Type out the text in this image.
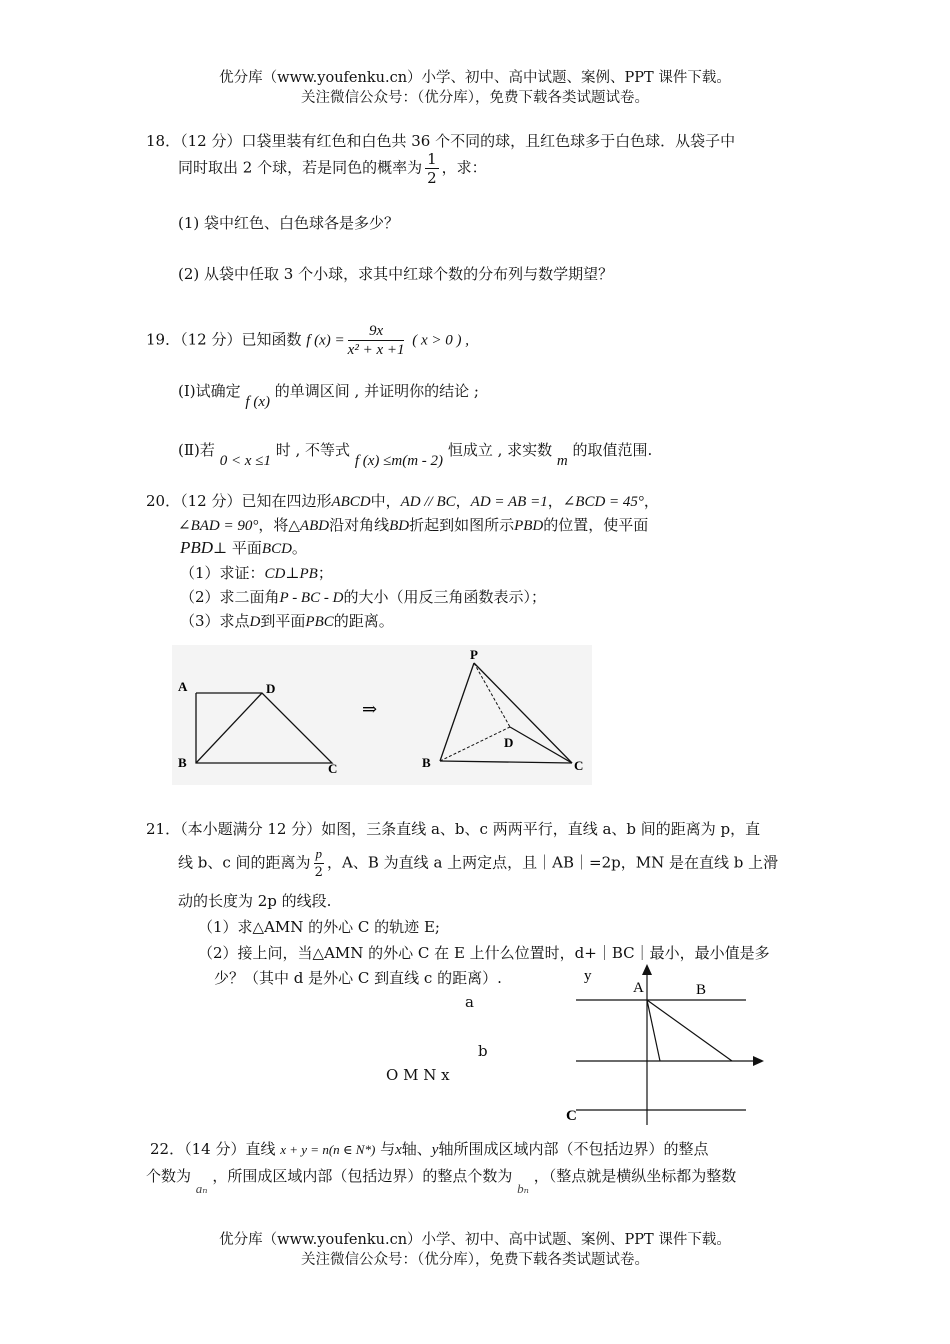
优分库（www.youfenku.cn）小学、初中、高中试题、案例、PPT 课件下载。
关注微信公众号：（优分库），免费下载各类试题试卷。
18．（12 分）口袋里装有红色和白色共 36 个不同的球，且红色球多于白色球．从袋子中
同时取出 2 个球，若是同色的概率为 $\frac{1}{2}$ ，求：
(1) 袋中红色、白色球各是多少？
(2) 从袋中任取 3 个小球，求其中红球个数的分布列与数学期望？
19．（12 分）已知函数 f $(x) = \frac{9x}{\text{x² + x +1}}$ ( x > 0 ) ,
(I)试确定 f (x) 的单调区间 , 并证明你的结论 ;
(Ⅱ)若 0 < x ≤1 时 , 不等式 f (x) ≤m(m - 2) 恒成立 , 求实数 m 的取值范围.
20．（12 分）已知在四边形ABCD中，AD // BC，AD = AB =1，∠BCD = 45°，
∠BAD = 90°，将△ABD沿对角线BD折起到如图所示PBD的位置，使平面
PBD⊥ 平面BCD。
（1）求证：CD⊥PB；
（2）求二面角P - BC - D的大小（用反三角函数表示）；
（3）求点D到平面PBC的距离。
A	D
B	C
⇒
P
B	C
D
21．（本小题满分 12 分）如图，三条直线 a、b、c 两两平行，直线 a、b 间的距离为 p，直
线 b、c 间的距离为 $\frac{p}{2}$ ，A、B 为直线 a 上两定点，且｜AB｜=2p，MN 是在直线 b 上滑
动的长度为 2p 的线段.
（1）求△AMN 的外心 C 的轨迹 E;
（2）接上问，当△AMN 的外心 C 在 E 上什么位置时，d+｜BC｜最小，最小值是多
少？（其中 d 是外心 C 到直线 c 的距离）.
a
b
O M N x
y
A	B
C
22．（14 分）直线 x + y = n(n ∈ N*) 与x轴、y轴所围成区域内部（不包括边界）的整点
个数为 aₙ ，所围成区域内部（包括边界）的整点个数为 bₙ ，（整点就是横纵坐标都为整数
优分库（www.youfenku.cn）小学、初中、高中试题、案例、PPT 课件下载。
关注微信公众号：（优分库），免费下载各类试题试卷。
